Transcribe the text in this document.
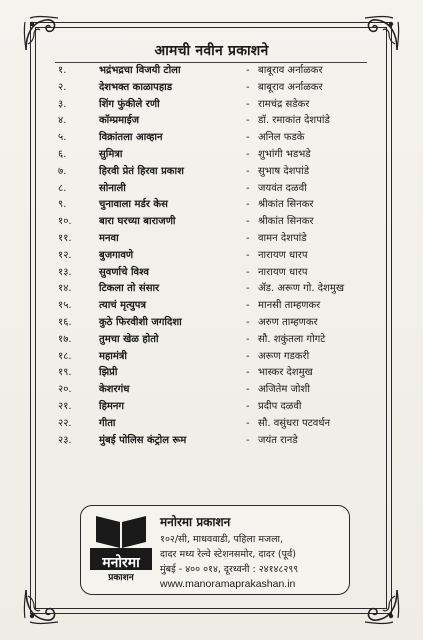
आमची नवीन प्रकाशने
१.	भद्रंभद्रचा विजयी टोला	- बाबूराव अर्नाळकर
२.	देशभक्त काळापहाड	- बाबूराव अर्नाळकर
३.	शिंग फुंकीले रणी	- रामचंद्र सडेकर
४.	कॉम्प्रमाईज	- डॉ. रमाकांत देशपांडे
५.	विक्रांतला आव्हान	- अनिल फडके
६.	सुमित्रा	- शुभांगी भडभडे
७.	हिरवी प्रेतं हिरवा प्रकाश	- सुभाष देशपांडे
८.	सोनाली	- जयवंत दळवी
९.	चुनावाला मर्डर केस	- श्रीकांत सिनकर
१०.	बारा घरच्या बाराजणी	- श्रीकांत सिनकर
११.	मनवा	- वामन देशपांडे
१२.	बुजगावणे	- नारायण धारप
१३.	सुवर्णाचे विश्व	- नारायण धारप
१४.	टिकला तो संसार	- ॲड. अरूण गो. देशमुख
१५.	त्याचं मृत्युपत्र	- मानसी ताम्हणकर
१६.	कुठे फिरवीशी जगदिशा	- अरुण ताम्हणकर
१७.	तुमचा खेळ होतो	- सौ. शकुंतला गोगटे
१८.	महामंत्री	- अरूण गडकरी
१९.	झिप्री	- भास्कर देशमुख
२०.	केशरगंध	- अजितेम जोशी
२१.	हिमनग	- प्रदीप दळवी
२२.	गीता	- सौ. वसुंधरा पटवर्धन
२३.	मुंबई पोलिस कंट्रोल रूम	- जयंत रानडे
मनोरमा
प्रकाशन
मनोरमा प्रकाशन
१०२/सी, माधववाडी, पहिला मजला,
दादर मध्य रेल्वे स्टेशनसमोर, दादर (पूर्व)
मुंबई - ४०० ०१४, दूरध्वनी : २४१४८२९९
www.manoramaprakashan.in
